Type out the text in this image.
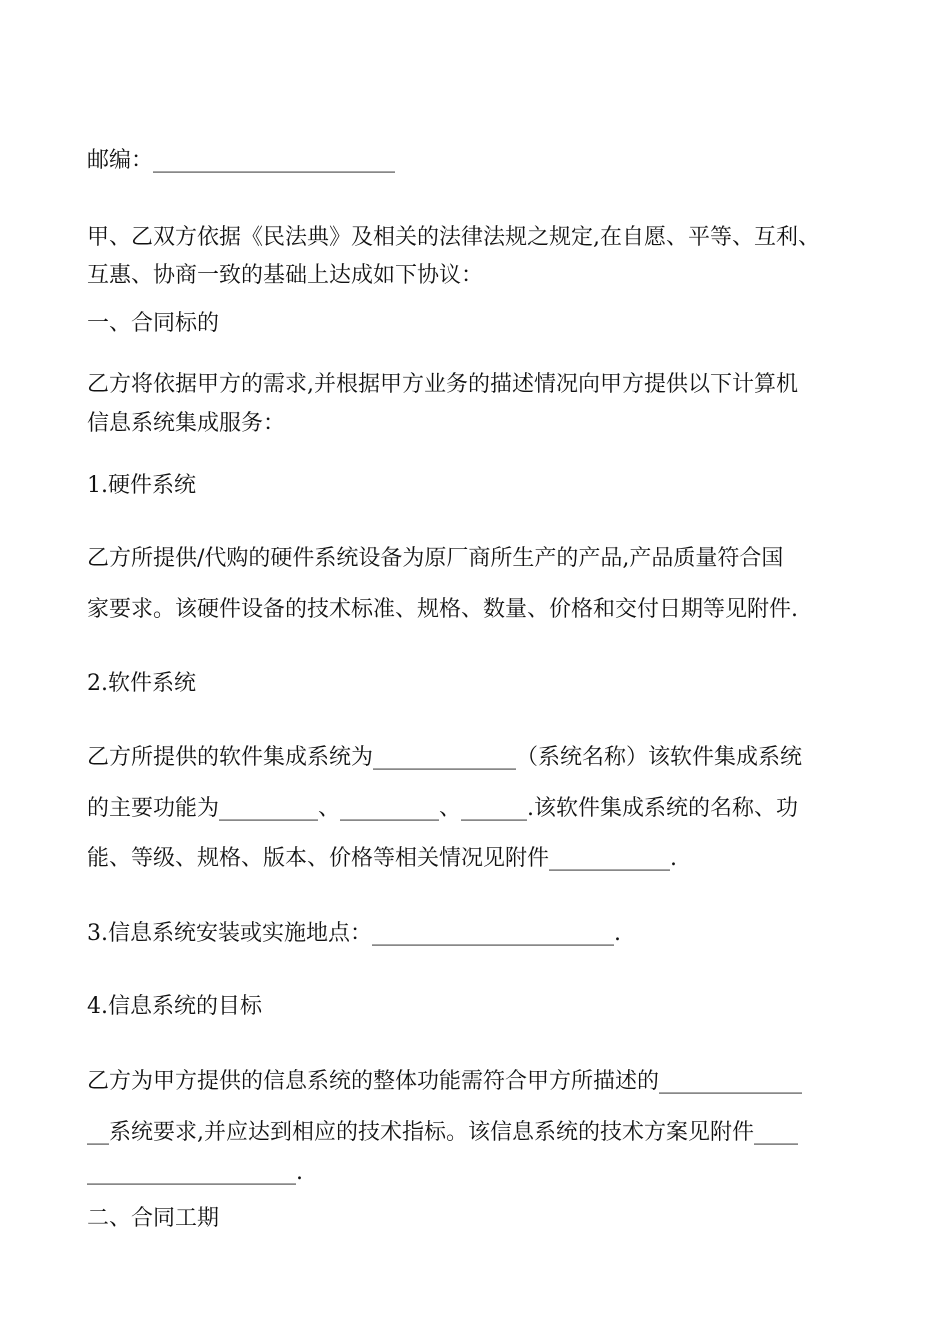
邮编：______________________

甲、乙双方依据《民法典》及相关的法律法规之规定,在自愿、平等、互利、

互惠、协商一致的基础上达成如下协议：

一、合同标的

乙方将依据甲方的需求,并根据甲方业务的描述情况向甲方提供以下计算机

信息系统集成服务：

1.硬件系统

乙方所提供/代购的硬件系统设备为原厂商所生产的产品,产品质量符合国

家要求。该硬件设备的技术标准、规格、数量、价格和交付日期等见附件.

2.软件系统

乙方所提供的软件集成系统为_____________（系统名称）该软件集成系统

的主要功能为_________、_________、______.该软件集成系统的名称、功

能、等级、规格、版本、价格等相关情况见附件___________.

3.信息系统安装或实施地点：______________________.

4.信息系统的目标

乙方为甲方提供的信息系统的整体功能需符合甲方所描述的_____________

__系统要求,并应达到相应的技术指标。该信息系统的技术方案见附件____

___________________.

二、合同工期
